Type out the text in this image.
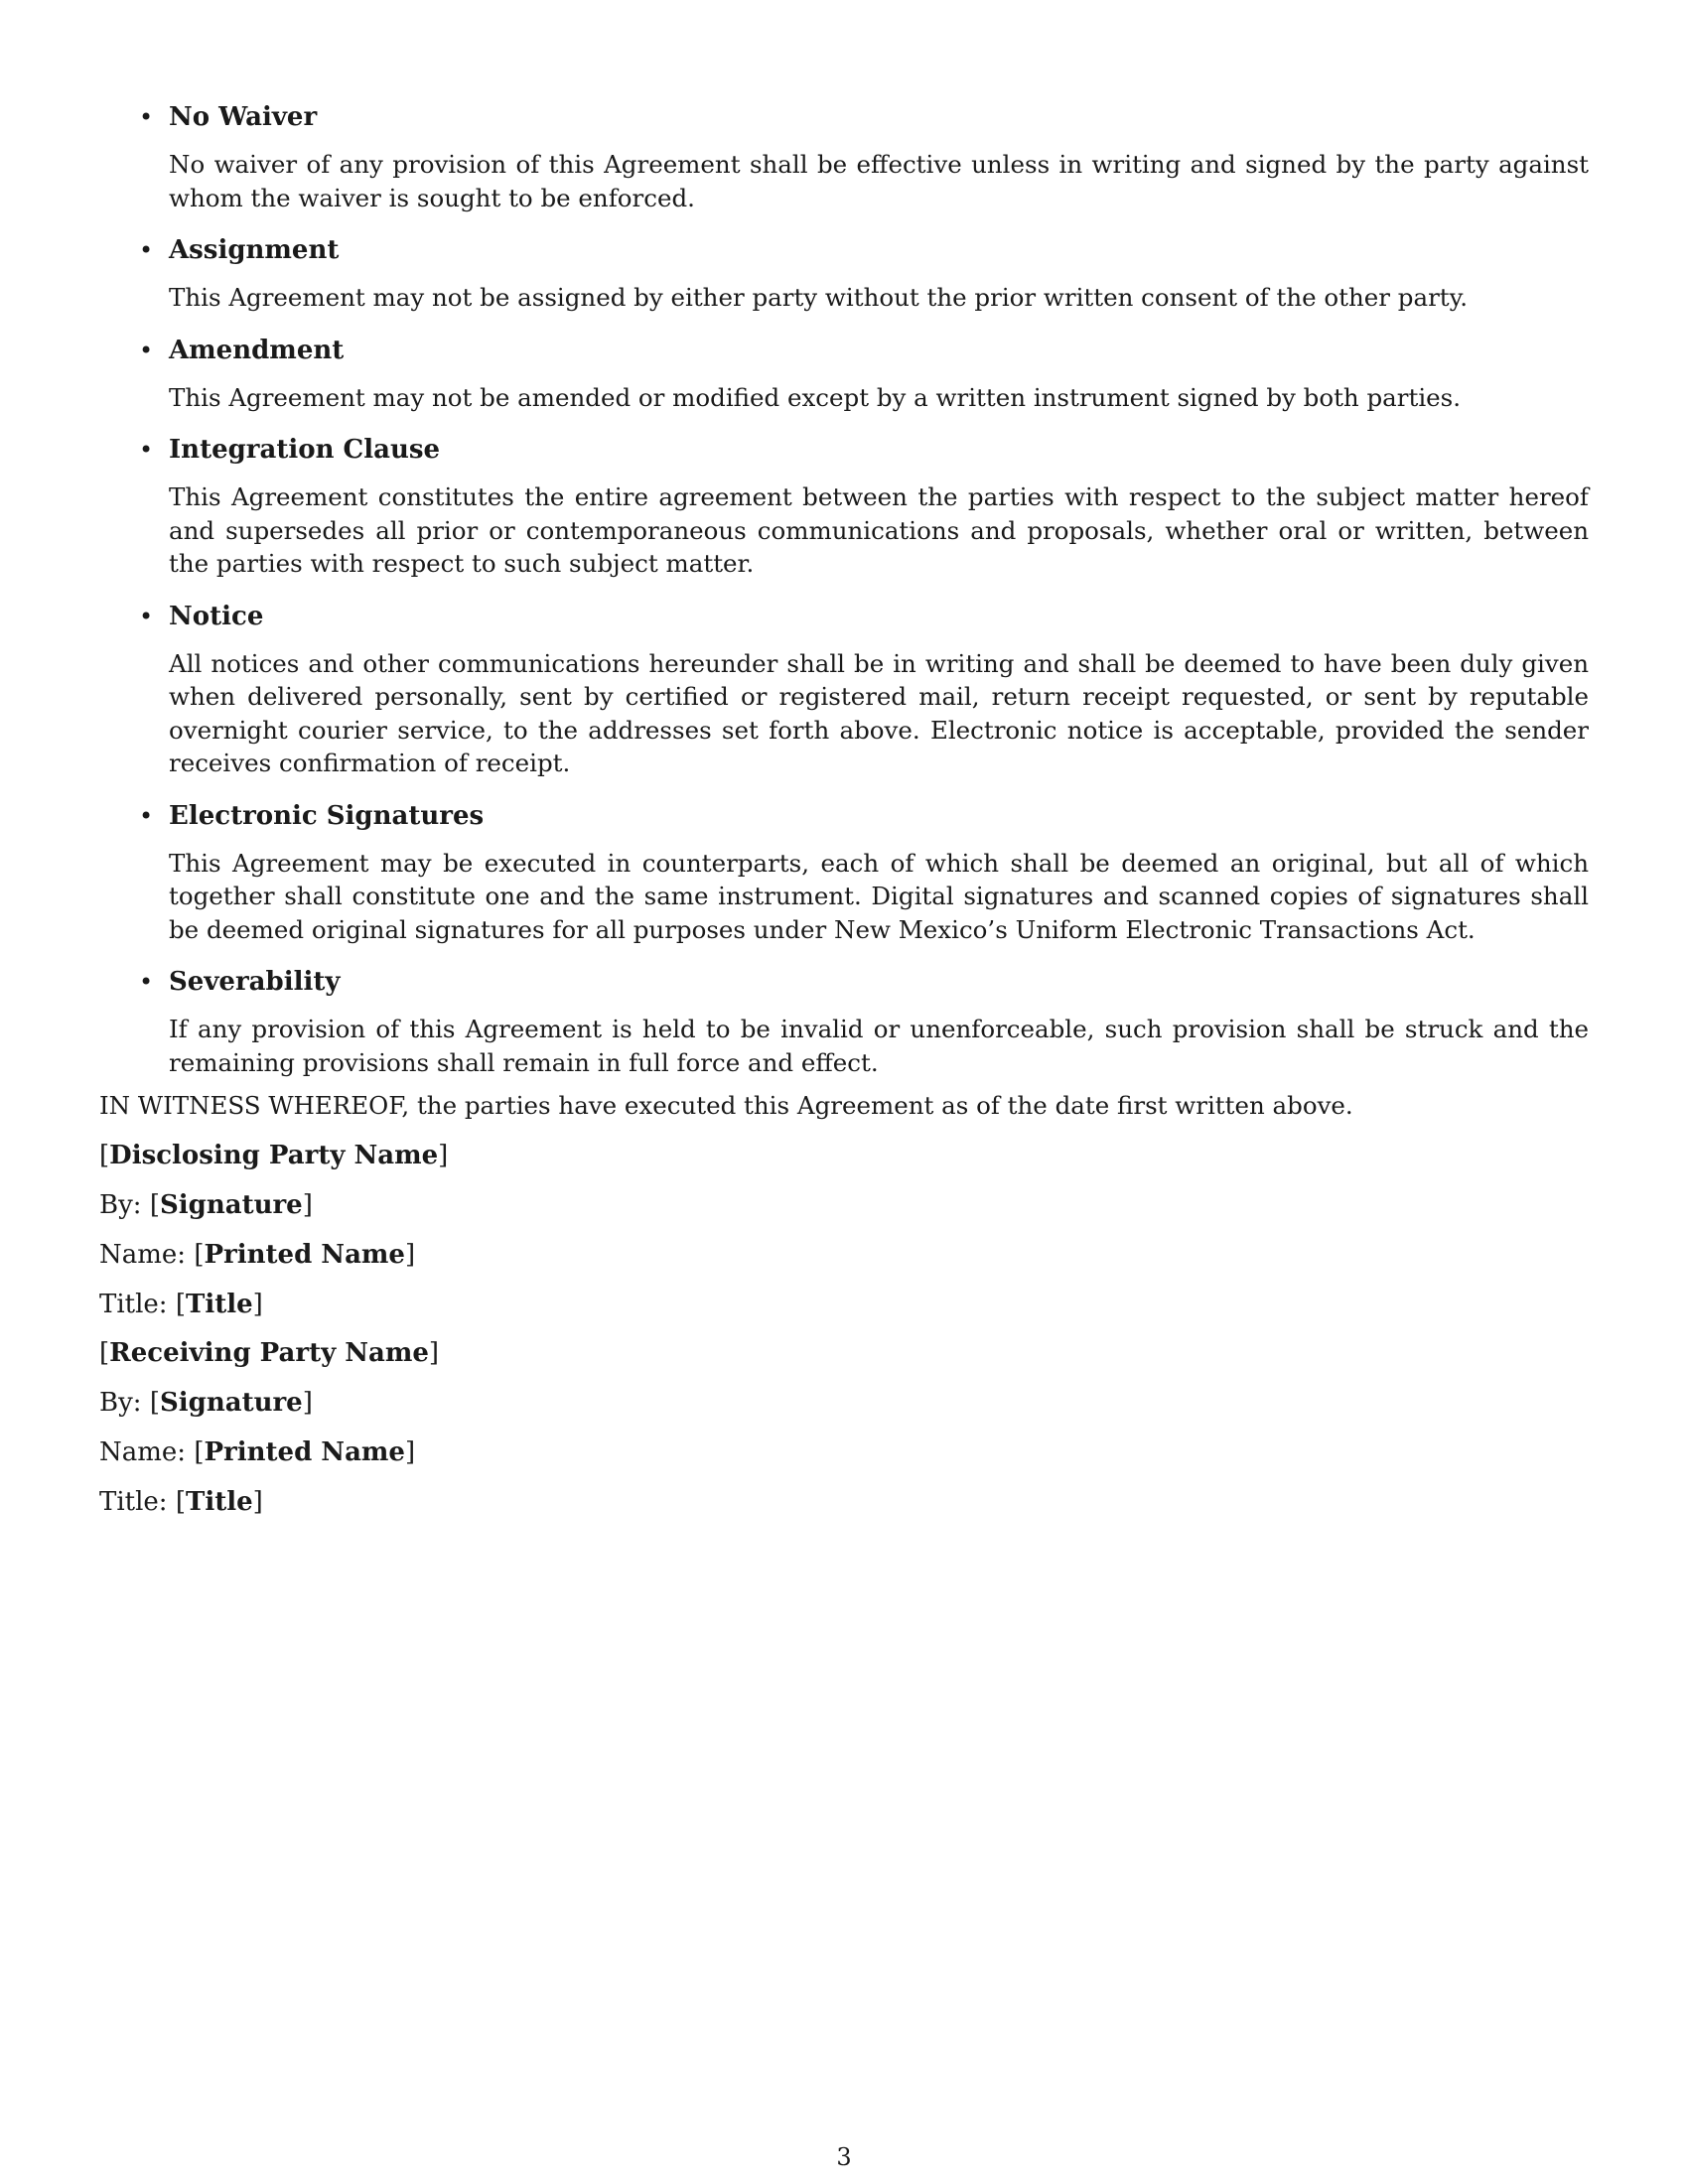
• No Waiver

No waiver of any provision of this Agreement shall be effective unless in writing and signed by the party against whom the waiver is sought to be enforced.

• Assignment

This Agreement may not be assigned by either party without the prior written consent of the other party.

• Amendment

This Agreement may not be amended or modified except by a written instrument signed by both parties.

• Integration Clause

This Agreement constitutes the entire agreement between the parties with respect to the subject matter hereof and supersedes all prior or contemporaneous communications and proposals, whether oral or written, between the parties with respect to such subject matter.

• Notice

All notices and other communications hereunder shall be in writing and shall be deemed to have been duly given when delivered personally, sent by certified or registered mail, return receipt requested, or sent by reputable overnight courier service, to the addresses set forth above. Electronic notice is acceptable, provided the sender receives confirmation of receipt.

• Electronic Signatures

This Agreement may be executed in counterparts, each of which shall be deemed an original, but all of which together shall constitute one and the same instrument. Digital signatures and scanned copies of signatures shall be deemed original signatures for all purposes under New Mexico’s Uniform Electronic Transactions Act.

• Severability

If any provision of this Agreement is held to be invalid or unenforceable, such provision shall be struck and the remaining provisions shall remain in full force and effect.

IN WITNESS WHEREOF, the parties have executed this Agreement as of the date first written above.
[Disclosing Party Name]
By: [Signature]
Name: [Printed Name]
Title: [Title]
[Receiving Party Name]
By: [Signature]
Name: [Printed Name]
Title: [Title]
3
